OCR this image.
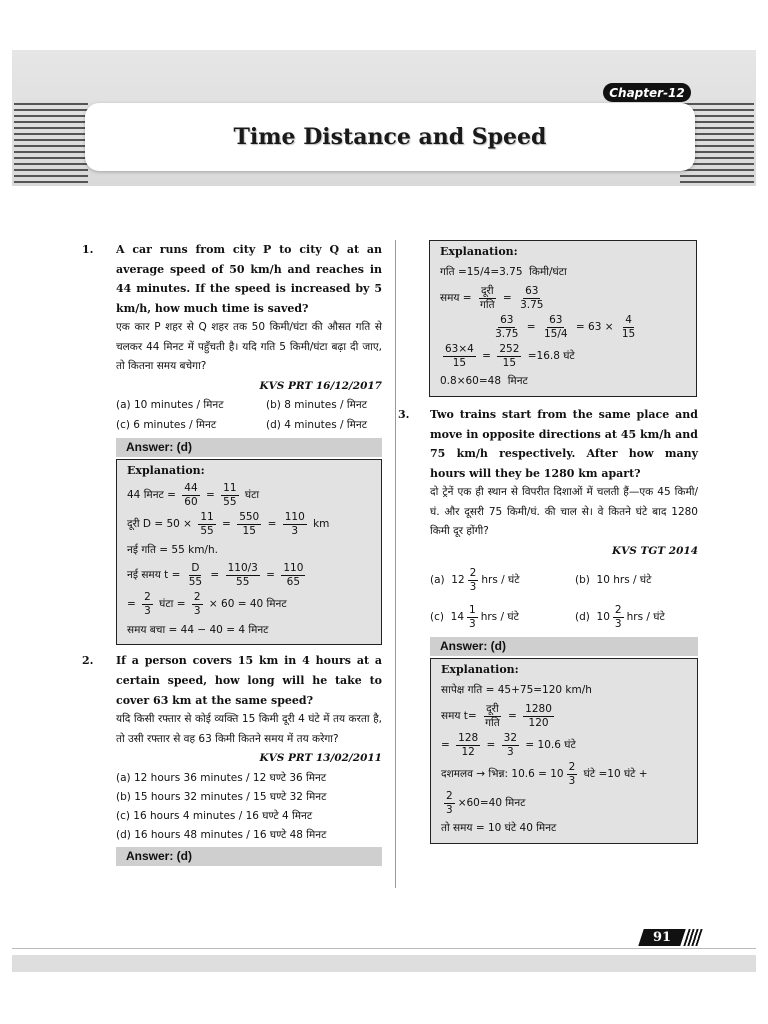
Time Distance and Speed
Chapter-12
1. A car runs from city P to city Q at an average speed of 50 km/h and reaches in 44 minutes. If the speed is increased by 5 km/h, how much time is saved?
एक कार P शहर से Q शहर तक 50 किमी/घंटा की औसत गति से चलकर 44 मिनट में पहुँचती है। यदि गति 5 किमी/घंटा बढ़ा दी जाए, तो कितना समय बचेगा?
KVS PRT 16/12/2017
(a) 10 minutes / मिनट	(b) 8 minutes / मिनट
(c) 6 minutes / मिनट	(d) 4 minutes / मिनट
Answer: (d)
Explanation:
44 मिनट = $\frac{44}{60} = \frac{11}{55}$ घंटा
दूरी $D = 50 \times \frac{11}{55} = \frac{550}{15} = \frac{110}{3}$ km
नई गति = 55 km/h.
नई समय $t = \frac{D}{55} = \frac{110/3}{55} = \frac{110}{65}$
= $\frac{2}{3}$ घंटा = $\frac{2}{3} \times 60 = 40$ मिनट
समय बचा = 44 − 40 = 4 मिनट
2. If a person covers 15 km in 4 hours at a certain speed, how long will he take to cover 63 km at the same speed?
यदि किसी रफ्तार से कोई व्यक्ति 15 किमी दूरी 4 घंटे में तय करता है, तो उसी रफ्तार से वह 63 किमी कितने समय में तय करेगा?
KVS PRT 13/02/2011
(a) 12 hours 36 minutes / 12 घण्टे 36 मिनट
(b) 15 hours 32 minutes / 15 घण्टे 32 मिनट
(c) 16 hours 4 minutes / 16 घण्टे 4 मिनट
(d) 16 hours 48 minutes / 16 घण्टे 48 मिनट
Answer: (d)
Explanation:
गति =15/4=3.75  किमी/घंटा
समय = $\frac{\text{दूरी}}{\text{गति}} = \frac{63}{3.75}$

$\frac{63}{3.75} = \frac{63}{15/4} = 63 \times \frac{4}{15}$
$\frac{63\times 4}{15} = \frac{252}{15} =16.8$ घंटे
0.8×60=48  मिनट
3. Two trains start from the same place and move in opposite directions at 45 km/h and 75 km/h respectively. After how many hours will they be 1280 km apart?
दो ट्रेनें एक ही स्थान से विपरीत दिशाओं में चलती हैं—एक 45 किमी/घं. और दूसरी 75 किमी/घं. की चाल से। वे कितने घंटे बाद 1280 किमी दूर होंगी?
KVS TGT 2014
(a)  $12 \frac{2}{3}$ hrs / घंटे	(b)  10 hrs / घंटे
(c)  $14 \frac{1}{3}$ hrs / घंटे	(d)  $10 \frac{2}{3}$ hrs / घंटे
Answer: (d)
Explanation:
सापेक्ष गति = 45+75=120 km/h
समय $t= \frac{\text{दूरी}}{\text{गति}} = \frac{1280}{120}$
= $\frac{128}{12} = \frac{32}{3} = 10.6$ घंटे
दशमलव → भिन्न: $10.6 = 10 \frac{2}{3}$ घंटे =10 घंटे +
$\frac{2}{3} \times 60=40$ मिनट
तो समय = 10 घंटे 40 मिनट
91
